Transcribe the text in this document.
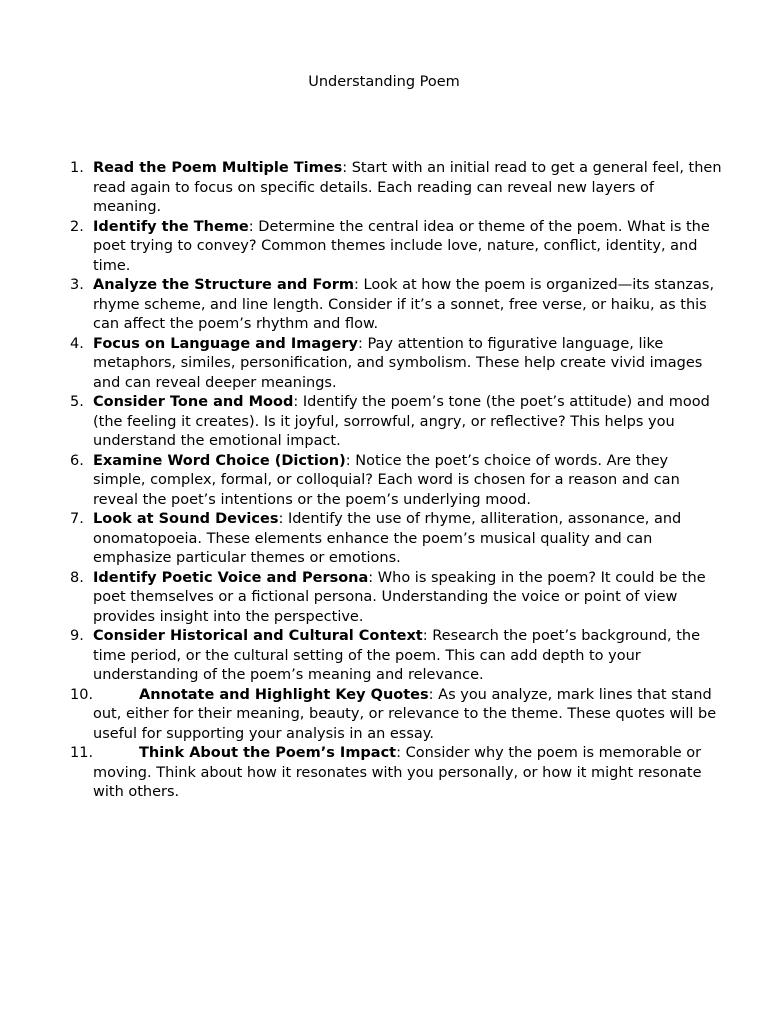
Understanding Poem
1. Read the Poem Multiple Times: Start with an initial read to get a general feel, then read again to focus on specific details. Each reading can reveal new layers of meaning.
2. Identify the Theme: Determine the central idea or theme of the poem. What is the poet trying to convey? Common themes include love, nature, conflict, identity, and time.
3. Analyze the Structure and Form: Look at how the poem is organized—its stanzas, rhyme scheme, and line length. Consider if it’s a sonnet, free verse, or haiku, as this can affect the poem’s rhythm and flow.
4. Focus on Language and Imagery: Pay attention to figurative language, like metaphors, similes, personification, and symbolism. These help create vivid images and can reveal deeper meanings.
5. Consider Tone and Mood: Identify the poem’s tone (the poet’s attitude) and mood (the feeling it creates). Is it joyful, sorrowful, angry, or reflective? This helps you understand the emotional impact.
6. Examine Word Choice (Diction): Notice the poet’s choice of words. Are they simple, complex, formal, or colloquial? Each word is chosen for a reason and can reveal the poet’s intentions or the poem’s underlying mood.
7. Look at Sound Devices: Identify the use of rhyme, alliteration, assonance, and onomatopoeia. These elements enhance the poem’s musical quality and can emphasize particular themes or emotions.
8. Identify Poetic Voice and Persona: Who is speaking in the poem? It could be the poet themselves or a fictional persona. Understanding the voice or point of view provides insight into the perspective.
9. Consider Historical and Cultural Context: Research the poet’s background, the time period, or the cultural setting of the poem. This can add depth to your understanding of the poem’s meaning and relevance.
10.	Annotate and Highlight Key Quotes: As you analyze, mark lines that stand out, either for their meaning, beauty, or relevance to the theme. These quotes will be useful for supporting your analysis in an essay.
11.	Think About the Poem’s Impact: Consider why the poem is memorable or moving. Think about how it resonates with you personally, or how it might resonate with others.
